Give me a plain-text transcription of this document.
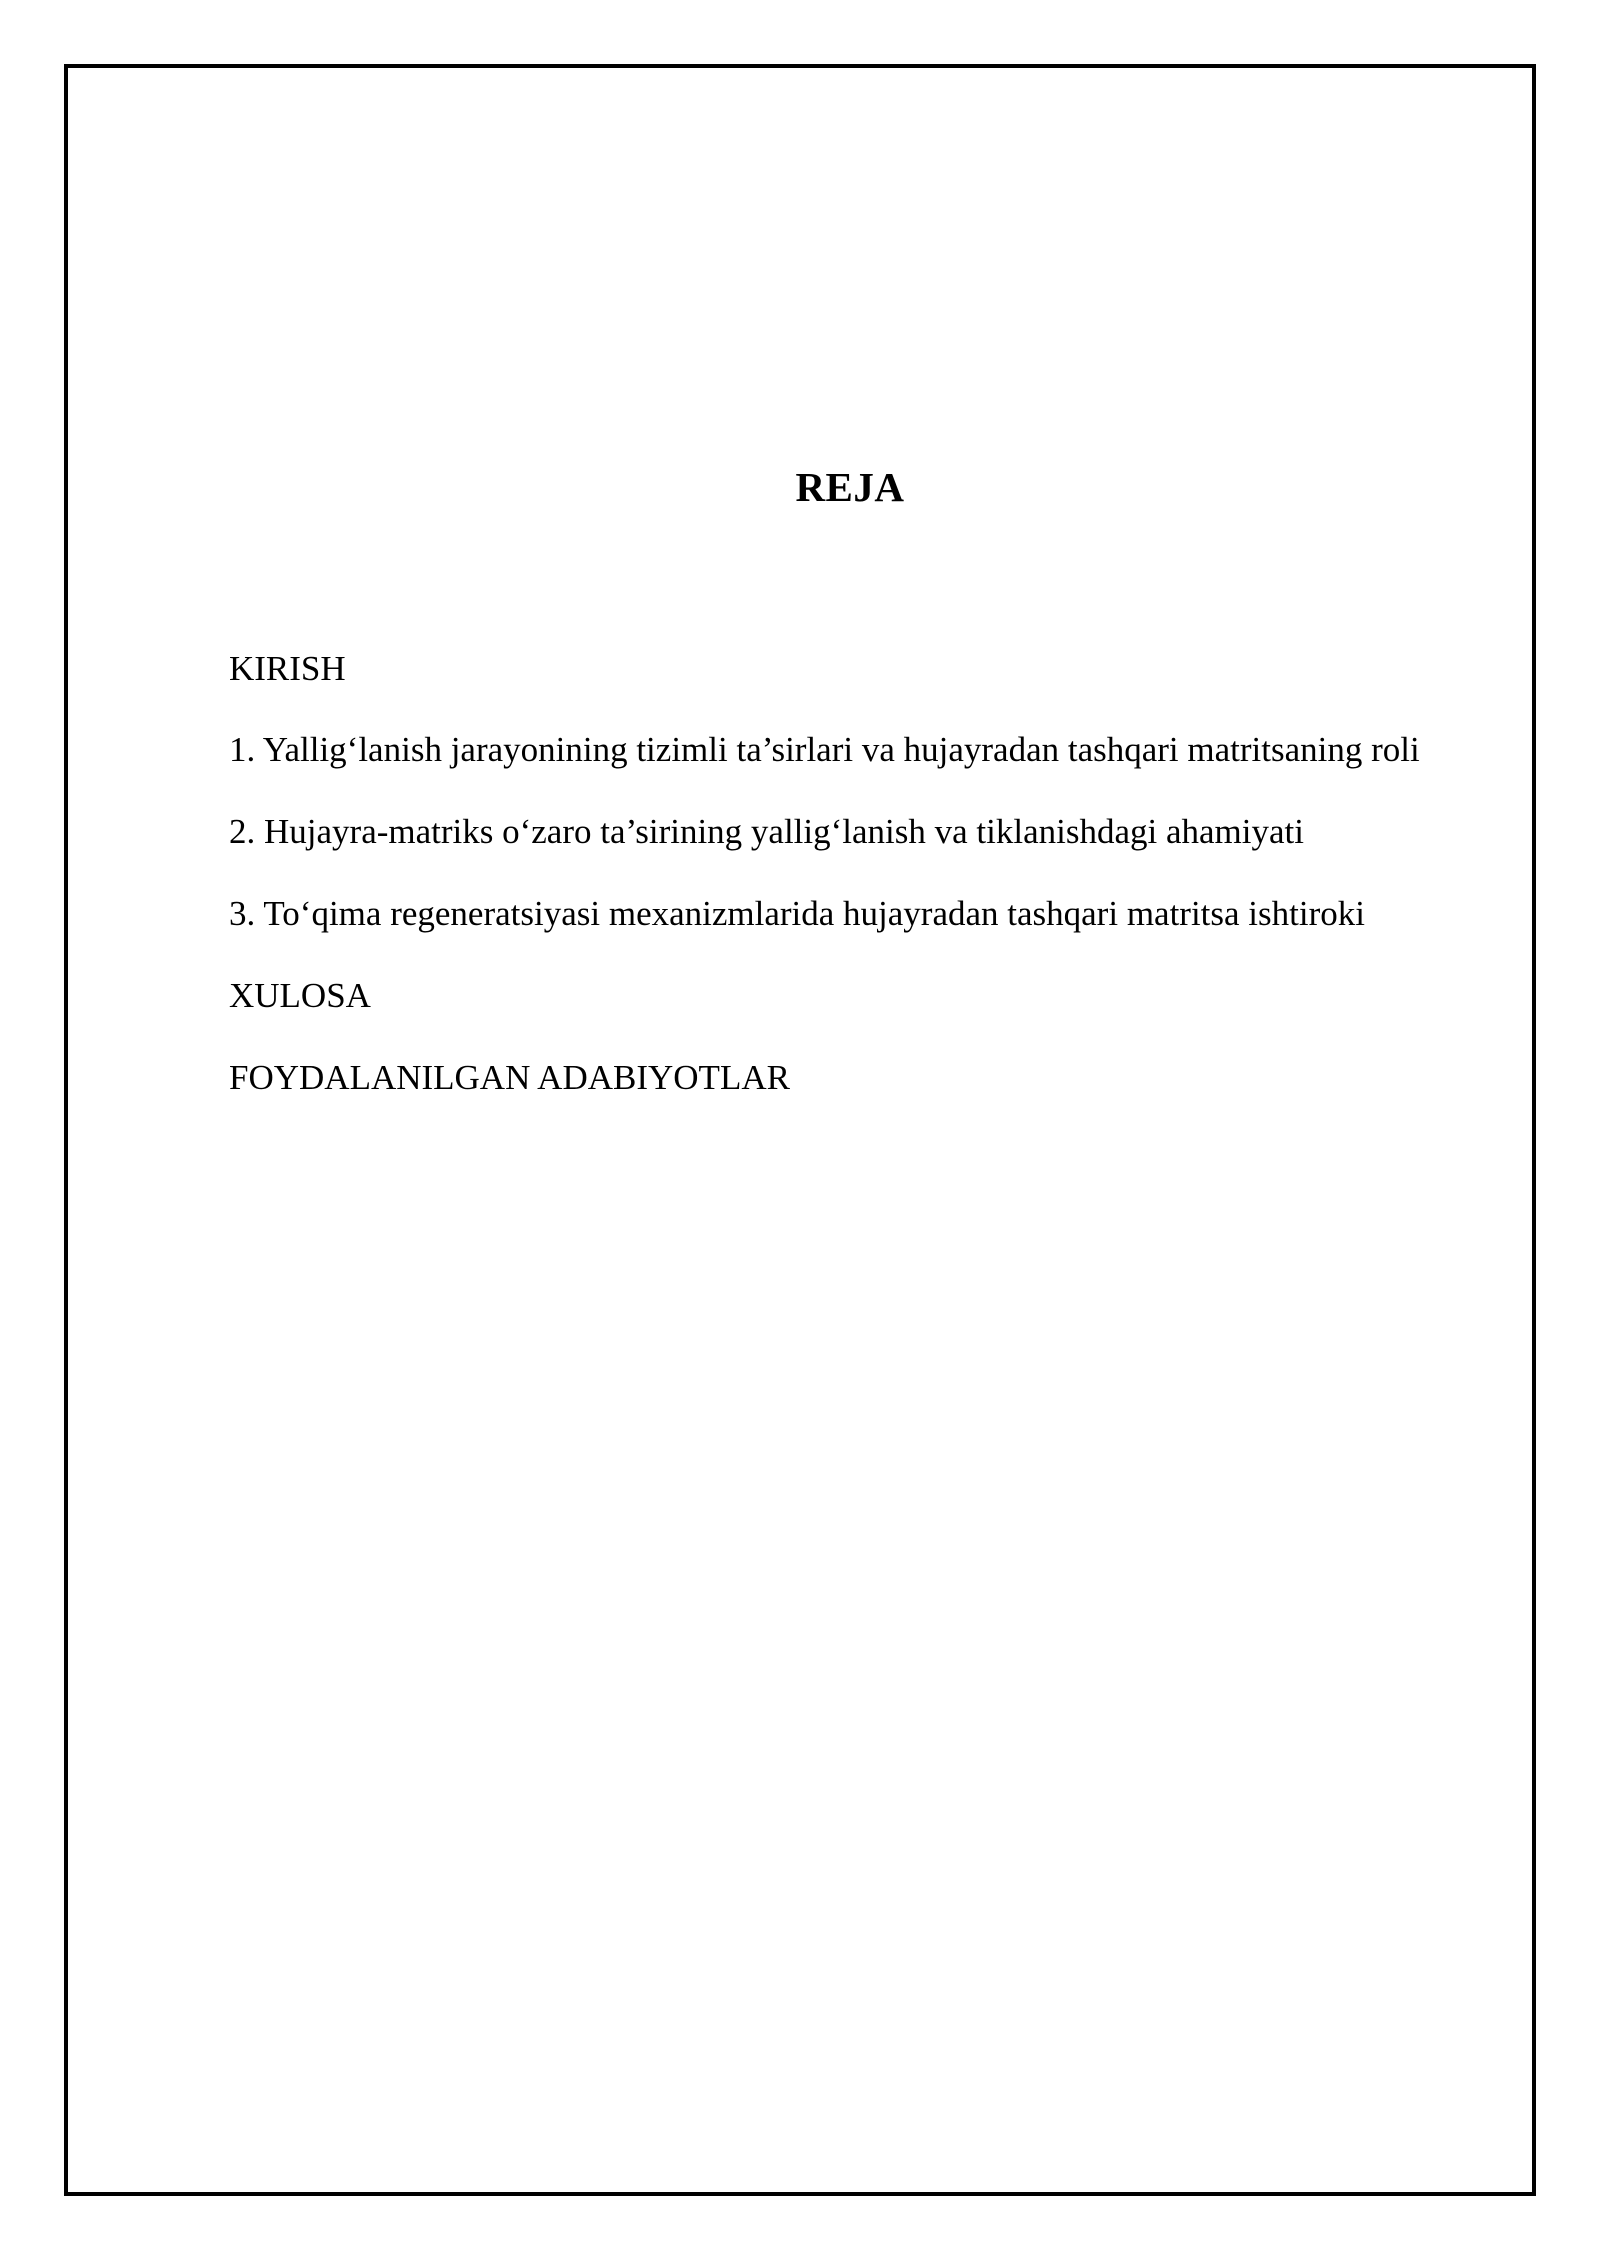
REJA
KIRISH
1. Yallig‘lanish jarayonining tizimli ta’sirlari va hujayradan tashqari matritsaning roli
2. Hujayra-matriks o‘zaro ta’sirining yallig‘lanish va tiklanishdagi ahamiyati
3. To‘qima regeneratsiyasi mexanizmlarida hujayradan tashqari matritsa ishtiroki
XULOSA
FOYDALANILGAN ADABIYOTLAR
